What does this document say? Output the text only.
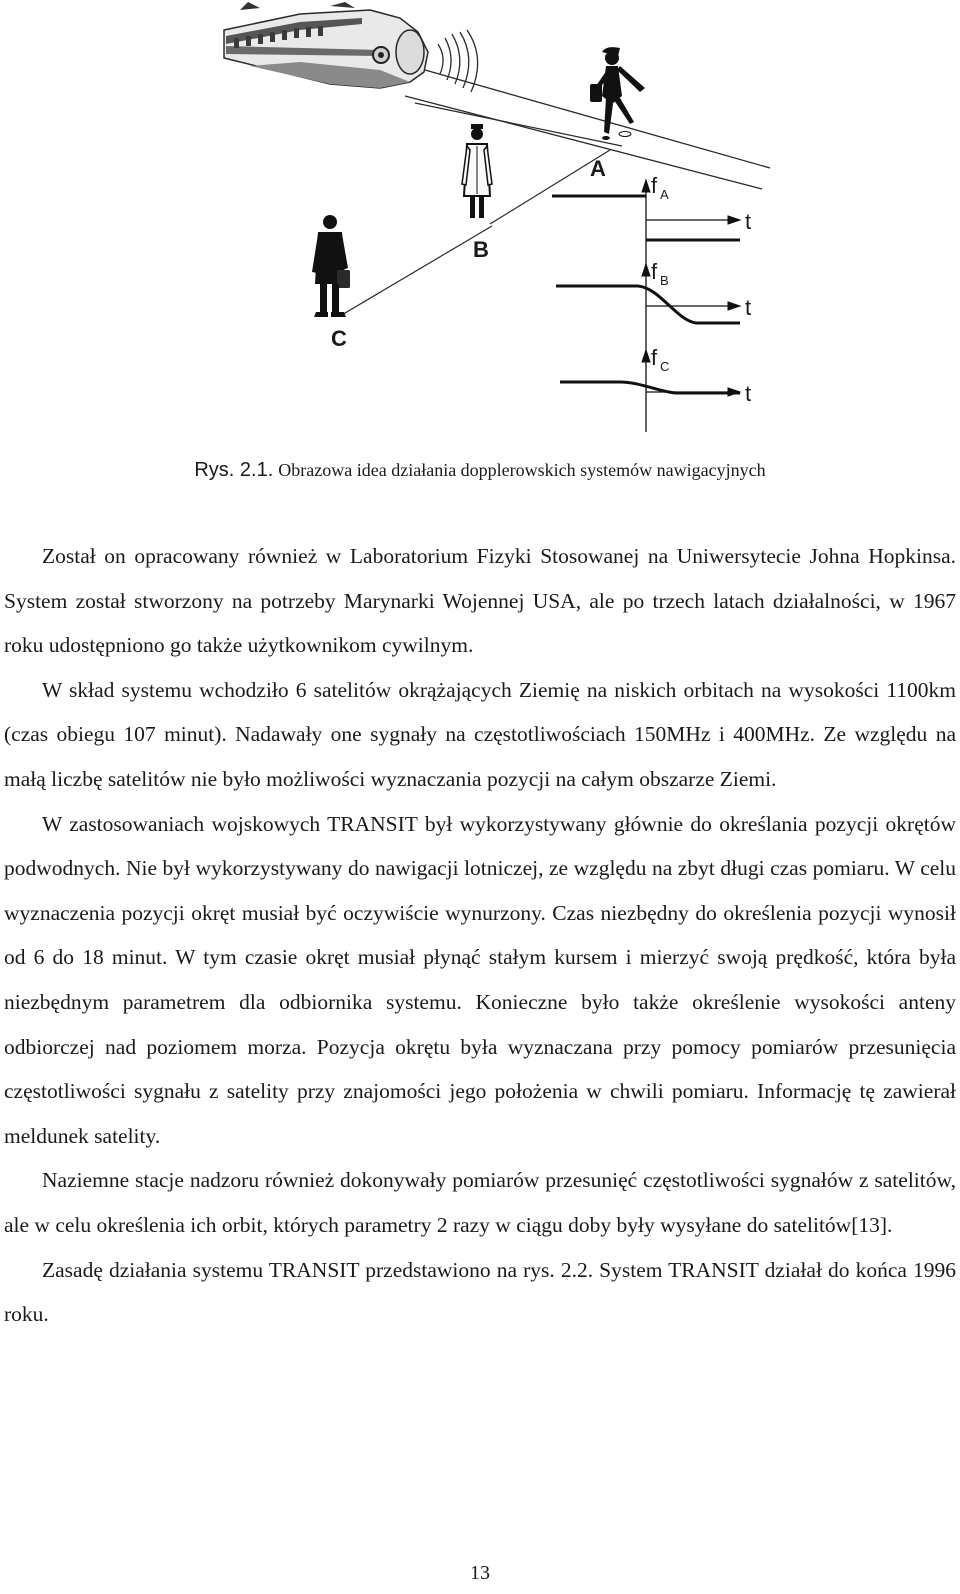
A
B
C
f A
f B
f C
t
t
t
Rys. 2.1. Obrazowa idea działania dopplerowskich systemów nawigacyjnych

Został on opracowany również w Laboratorium Fizyki Stosowanej na Uniwersytecie Johna Hopkinsa. System został stworzony na potrzeby Marynarki Wojennej USA, ale po trzech latach działalności, w 1967 roku udostępniono go także użytkownikom cywilnym.

W skład systemu wchodziło 6 satelitów okrążających Ziemię na niskich orbitach na wysokości 1100km (czas obiegu 107 minut). Nadawały one sygnały na częstotliwościach 150MHz i 400MHz. Ze względu na małą liczbę satelitów nie było możliwości wyznaczania pozycji na całym obszarze Ziemi.

W zastosowaniach wojskowych TRANSIT był wykorzystywany głównie do określania pozycji okrętów podwodnych. Nie był wykorzystywany do nawigacji lotniczej, ze względu na zbyt długi czas pomiaru. W celu wyznaczenia pozycji okręt musiał być oczywiście wynurzony. Czas niezbędny do określenia pozycji wynosił od 6 do 18 minut. W tym czasie okręt musiał płynąć stałym kursem i mierzyć swoją prędkość, która była niezbędnym parametrem dla odbiornika systemu. Konieczne było także określenie wysokości anteny odbiorczej nad poziomem morza. Pozycja okrętu była wyznaczana przy pomocy pomiarów przesunięcia częstotliwości sygnału z satelity przy znajomości jego położenia w chwili pomiaru. Informację tę zawierał meldunek satelity.

Naziemne stacje nadzoru również dokonywały pomiarów przesunięć częstotliwości sygnałów z satelitów, ale w celu określenia ich orbit, których parametry 2 razy w ciągu doby były wysyłane do satelitów[13].

Zasadę działania systemu TRANSIT przedstawiono na rys. 2.2. System TRANSIT działał do końca 1996 roku.

13
